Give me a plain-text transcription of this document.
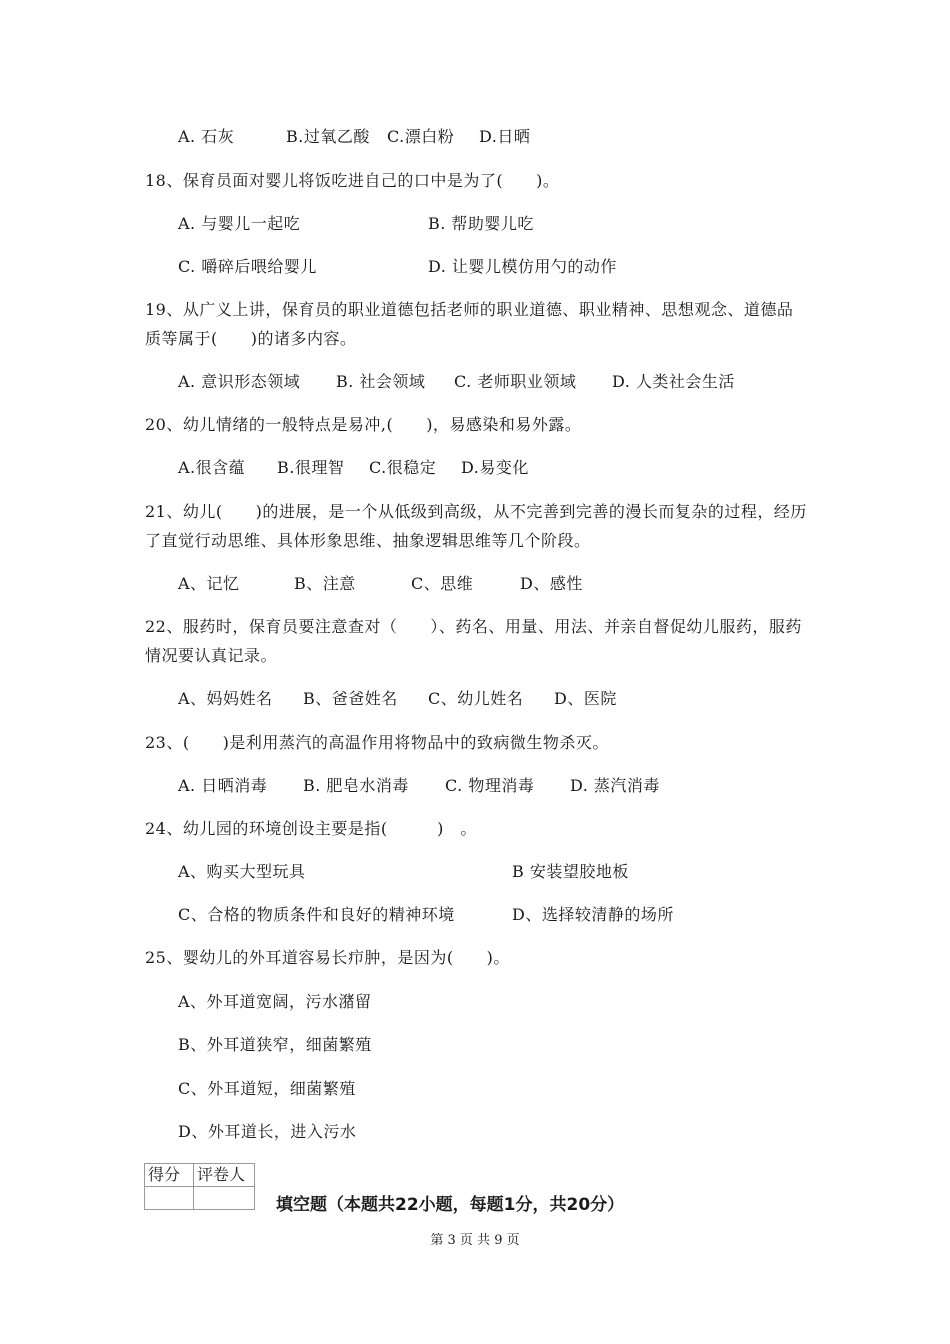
A. 石灰	B.过氧乙酸 C.漂白粉 D.日晒
18、保育员面对婴儿将饭吃进自己的口中是为了(　　)。
A. 与婴儿一起吃	B. 帮助婴儿吃
C. 嚼碎后喂给婴儿	D. 让婴儿模仿用勺的动作
19、从广义上讲，保育员的职业道德包括老师的职业道德、职业精神、思想观念、道德品
质等属于(　　)的诸多内容。
A. 意识形态领域 B. 社会领域 C. 老师职业领域 D. 人类社会生活
20、幼儿情绪的一般特点是易冲,(　　)，易感染和易外露。
A.很含蕴 B.很理智 C.很稳定 D.易变化
21、幼儿(　　)的进展，是一个从低级到高级，从不完善到完善的漫长而复杂的过程，经历
了直觉行动思维、具体形象思维、抽象逻辑思维等几个阶段。
A、记忆	B、注意	C、思维	D、感性
22、服药时，保育员要注意查对（　　）、药名、用量、用法、并亲自督促幼儿服药，服药
情况要认真记录。
A、妈妈姓名 B、爸爸姓名 C、幼儿姓名 D、医院
23、(　　)是利用蒸汽的高温作用将物品中的致病微生物杀灭。
A. 日晒消毒 B. 肥皂水消毒 C. 物理消毒 D. 蒸汽消毒
24、幼儿园的环境创设主要是指(　　　)　。
A、购买大型玩具	B 安装望胶地板
C、合格的物质条件和良好的精神环境	D、选择较清静的场所
25、婴幼儿的外耳道容易长疖肿，是因为(　　)。
A、外耳道宽阔，污水潴留
B、外耳道狭窄，细菌繁殖
C、外耳道短，细菌繁殖
D、外耳道长，进入污水
得分	评卷人

填空题（本题共22小题，每题1分，共20分）
第 3 页 共 9 页
